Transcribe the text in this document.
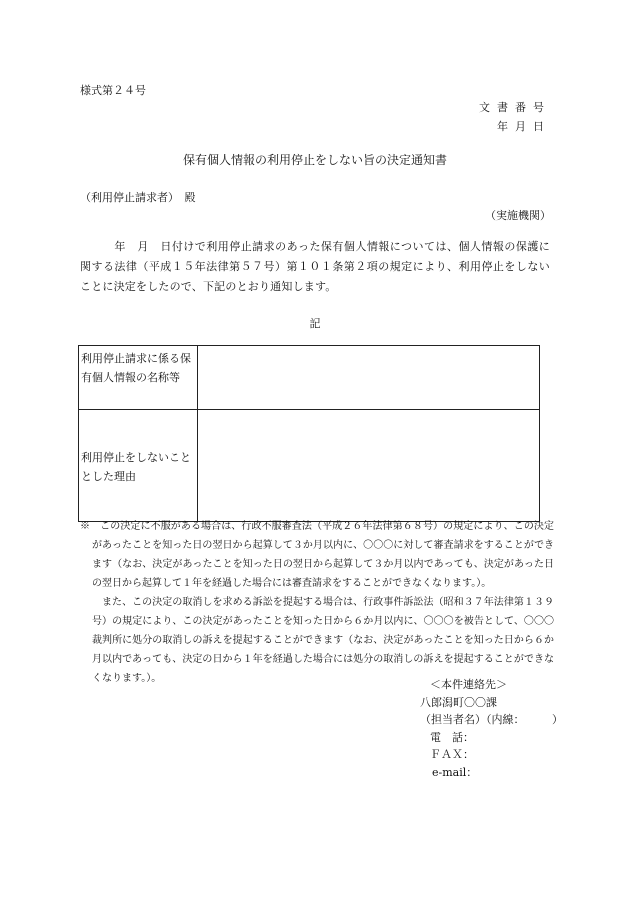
様式第２４号
文書番号
年月日
保有個人情報の利用停止をしない旨の決定通知書
（利用停止請求者）　殿
（実施機関）
　　　年　月　日付けで利用停止請求のあった保有個人情報については、個人情報の保護に関する法律（平成１５年法律第５７号）第１０１条第２項の規定により、利用停止をしないことに決定をしたので、下記のとおり通知します。
記
利用停止請求に係る保有個人情報の名称等	
利用停止をしないこととした理由	

※　この決定に不服がある場合は、行政不服審査法（平成２６年法律第６８号）の規定により、この決定があったことを知った日の翌日から起算して３か月以内に、〇〇〇に対して審査請求をすることができます（なお、決定があったことを知った日の翌日から起算して３か月以内であっても、決定があった日の翌日から起算して１年を経過した場合には審査請求をすることができなくなります。）。

また、この決定の取消しを求める訴訟を提起する場合は、行政事件訴訟法（昭和３７年法律第１３９号）の規定により、この決定があったことを知った日から６か月以内に、〇〇〇を被告として、〇〇〇裁判所に処分の取消しの訴えを提起することができます（なお、決定があったことを知った日から６か月以内であっても、決定の日から１年を経過した場合には処分の取消しの訴えを提起することができなくなります。）。	＜本件連絡先＞
八郎潟町〇〇課
（担当者名）（内線：　　　）
電　話：
ＦＡＸ：
e-mail：
